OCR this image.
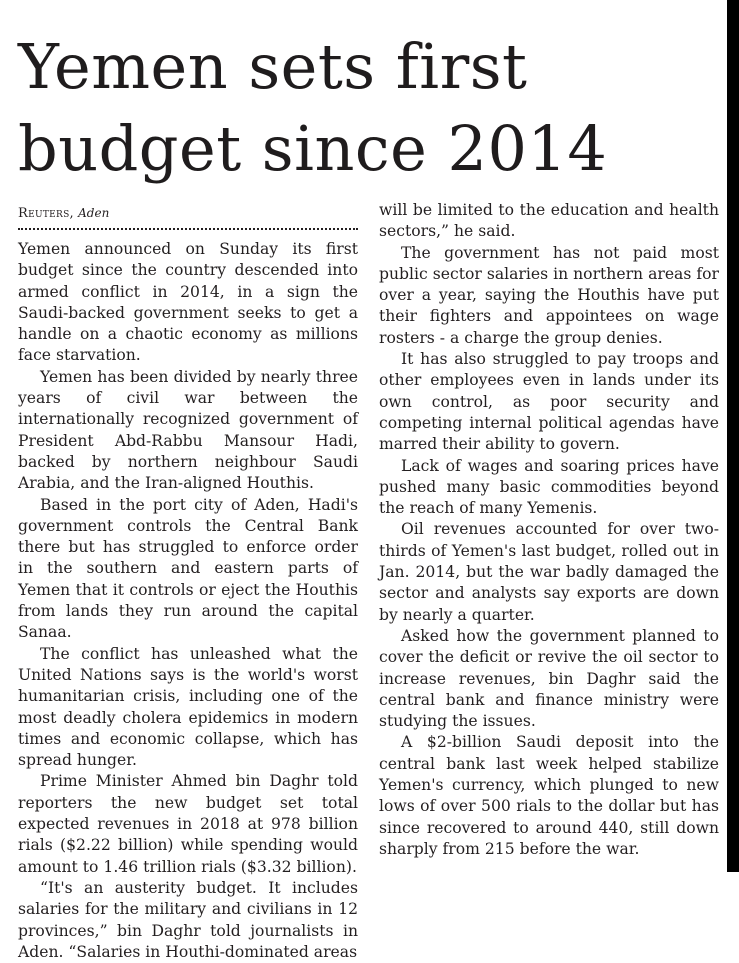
Yemen sets first
budget since 2014
Reuters, Aden

Yemen announced on Sunday its first budget since the country descended into armed conflict in 2014, in a sign the Saudi-backed government seeks to get a handle on a chaotic economy as millions face starvation.

Yemen has been divided by nearly three years of civil war between the internationally recognized government of President Abd-Rabbu Mansour Hadi, backed by northern neighbour Saudi Arabia, and the Iran-aligned Houthis.

Based in the port city of Aden, Hadi's government controls the Central Bank there but has struggled to enforce order in the southern and eastern parts of Yemen that it controls or eject the Houthis from lands they run around the capital Sanaa.

The conflict has unleashed what the United Nations says is the world's worst humanitarian crisis, including one of the most deadly cholera epidemics in modern times and economic collapse, which has spread hunger.

Prime Minister Ahmed bin Daghr told reporters the new budget set total expected revenues in 2018 at 978 billion rials ($2.22 billion) while spending would amount to 1.46 trillion rials ($3.32 billion).

“It's an austerity budget. It includes salaries for the military and civilians in 12 provinces,” bin Daghr told journalists in Aden. “Salaries in Houthi-dominated areas

will be limited to the education and health sectors,” he said.

The government has not paid most public sector salaries in northern areas for over a year, saying the Houthis have put their fighters and appointees on wage rosters - a charge the group denies.

It has also struggled to pay troops and other employees even in lands under its own control, as poor security and competing internal political agendas have marred their ability to govern.

Lack of wages and soaring prices have pushed many basic commodities beyond the reach of many Yemenis.

Oil revenues accounted for over two-thirds of Yemen's last budget, rolled out in Jan. 2014, but the war badly damaged the sector and analysts say exports are down by nearly a quarter.

Asked how the government planned to cover the deficit or revive the oil sector to increase revenues, bin Daghr said the central bank and finance ministry were studying the issues.

A $2-billion Saudi deposit into the central bank last week helped stabilize Yemen's currency, which plunged to new lows of over 500 rials to the dollar but has since recovered to around 440, still down sharply from 215 before the war.
